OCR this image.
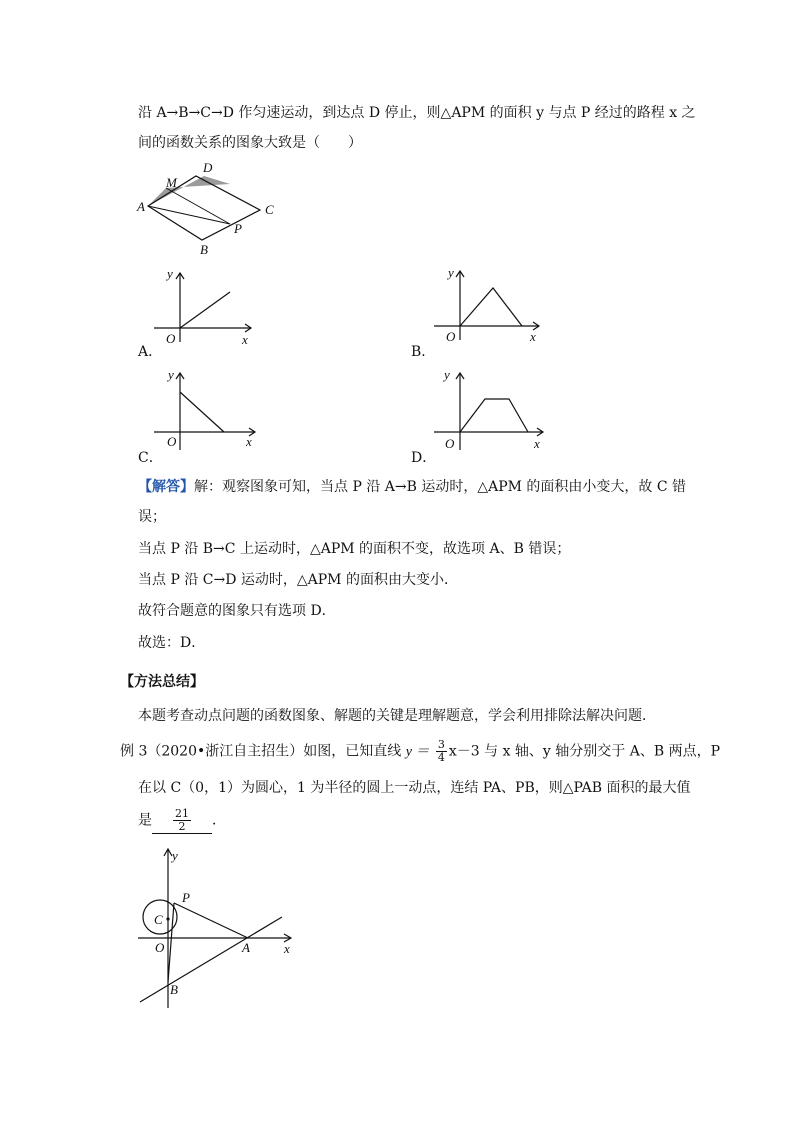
沿 A→B→C→D 作匀速运动，到达点 D 停止，则△APM 的面积 y 与点 P 经过的路程 x 之
间的函数关系的图象大致是（　　）
A
D
M
C
P
B
A．
y
O	x
B．
y
O	x
C．
y
O	x
D．
y
O	x
【解答】解：观察图象可知，当点 P 沿 A→B 运动时，△APM 的面积由小变大，故 C 错
误；
当点 P 沿 B→C 上运动时，△APM 的面积不变，故选项 A、B 错误；
当点 P 沿 C→D 运动时，△APM 的面积由大变小．
故符合题意的图象只有选项 D．
故选：D．
【方法总结】
本题考查动点问题的函数图象、解题的关键是理解题意，学会利用排除法解决问题．
例 3（2020•浙江自主招生）如图，已知直线 $y = \frac{3}{4} x-3$ 与 x 轴、y 轴分别交于 A、B 两点，P
在以 C（0，1）为圆心，1 为半径的圆上一动点，连结 PA、PB，则△PAB 面积的最大值
是 $\frac{21}{2}$ ．
y
x
O	A
B
C
P
